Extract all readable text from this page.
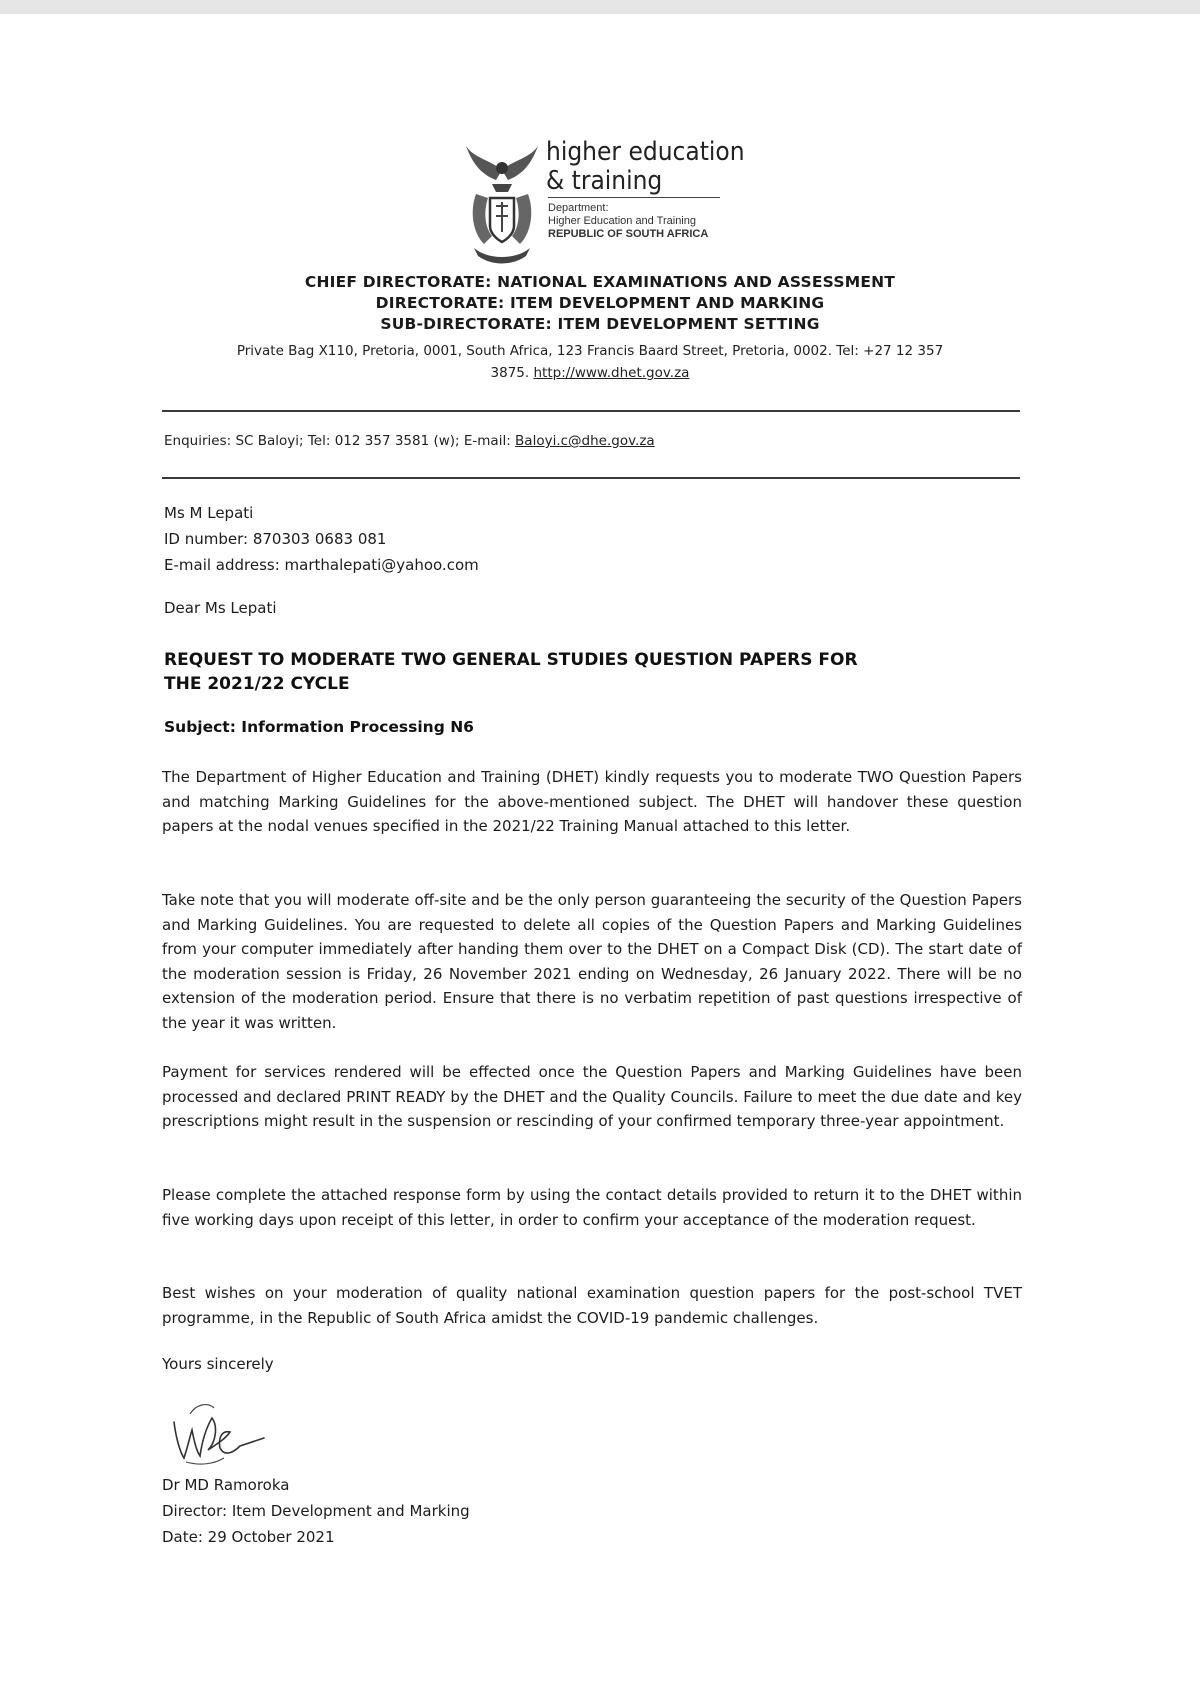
higher education
& training
Department:
Higher Education and Training
REPUBLIC OF SOUTH AFRICA
CHIEF DIRECTORATE: NATIONAL EXAMINATIONS AND ASSESSMENT
DIRECTORATE: ITEM DEVELOPMENT AND MARKING
SUB-DIRECTORATE: ITEM DEVELOPMENT SETTING
Private Bag X110, Pretoria, 0001, South Africa, 123 Francis Baard Street, Pretoria, 0002. Tel: +27 12 357
3875. http://www.dhet.gov.za
Enquiries: SC Baloyi; Tel: 012 357 3581 (w); E-mail: Baloyi.c@dhe.gov.za
Ms M Lepati
ID number: 870303 0683 081
E-mail address: marthalepati@yahoo.com
Dear Ms Lepati
REQUEST TO MODERATE TWO GENERAL STUDIES QUESTION PAPERS FOR
THE 2021/22 CYCLE
Subject: Information Processing N6
The Department of Higher Education and Training (DHET) kindly requests you to moderate TWO Question Papers and matching Marking Guidelines for the above-mentioned subject. The DHET will handover these question papers at the nodal venues specified in the 2021/22 Training Manual attached to this letter.
Take note that you will moderate off-site and be the only person guaranteeing the security of the Question Papers and Marking Guidelines. You are requested to delete all copies of the Question Papers and Marking Guidelines from your computer immediately after handing them over to the DHET on a Compact Disk (CD). The start date of the moderation session is Friday, 26 November 2021 ending on Wednesday, 26 January 2022. There will be no extension of the moderation period. Ensure that there is no verbatim repetition of past questions irrespective of the year it was written.
Payment for services rendered will be effected once the Question Papers and Marking Guidelines have been processed and declared PRINT READY by the DHET and the Quality Councils. Failure to meet the due date and key prescriptions might result in the suspension or rescinding of your confirmed temporary three-year appointment.
Please complete the attached response form by using the contact details provided to return it to the DHET within five working days upon receipt of this letter, in order to confirm your acceptance of the moderation request.
Best wishes on your moderation of quality national examination question papers for the post-school TVET programme, in the Republic of South Africa amidst the COVID-19 pandemic challenges.
Yours sincerely
Dr MD Ramoroka
Director: Item Development and Marking
Date: 29 October 2021
